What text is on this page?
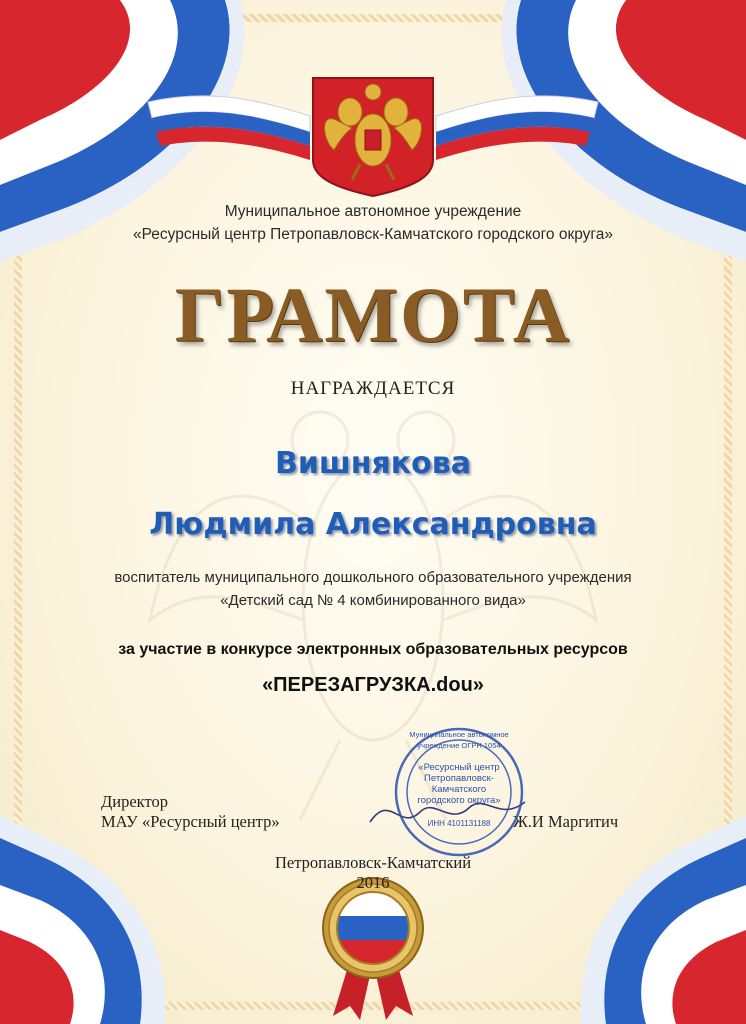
Муниципальное автономное учреждение

«Ресурсный центр Петропавловск-Камчатского городского округа»

ГРАМОТА

НАГРАЖДАЕТСЯ

Вишнякова

Людмила Александровна

воспитатель муниципального дошкольного образовательного учреждения

«Детский сад № 4 комбинированного вида»

за участие в конкурсе электронных образовательных ресурсов

«ПЕРЕЗАГРУЗКА.dou»

Директор

МАУ «Ресурсный центр»	Ж.И Маргитич

Муниципальное автономное учреждение ОГРН 1054

«Ресурсный центр

Петропавловск-

Камчатского

городского округа»

ИНН 4101131188

Петропавловск-Камчатский

2016
